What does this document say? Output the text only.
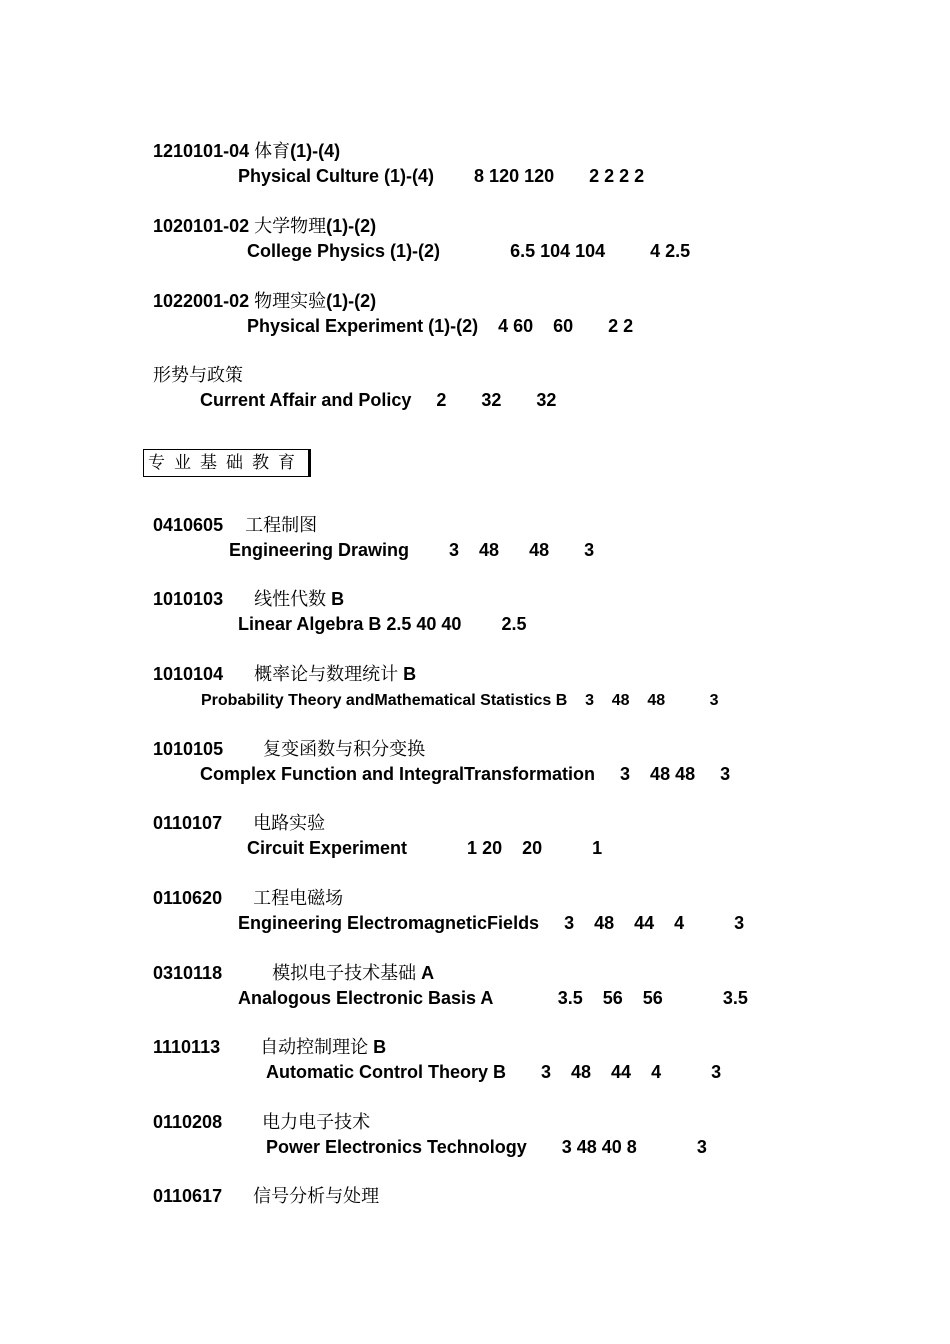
1210101-04 体育(1)-(4)
Physical Culture (1)-(4)        8 120 120       2 2 2 2
1020101-02 大学物理(1)-(2)
College Physics (1)-(2)              6.5 104 104         4 2.5
1022001-02 物理实验(1)-(2)
Physical Experiment (1)-(2)    4 60    60       2 2
形势与政策
Current Affair and Policy     2       32       32
专业基础教育
0410605 工程制图
Engineering Drawing        3    48      48       3
1010103 线性代数 B
Linear Algebra B 2.5 40 40        2.5
1010104 概率论与数理统计 B
Probability Theory andMathematical Statistics B    3    48    48          3
1010105 复变函数与积分变换
Complex Function and IntegralTransformation     3    48 48     3
0110107 电路实验
Circuit Experiment            1 20    20          1
0110620 工程电磁场
Engineering ElectromagneticFields     3    48    44    4          3
0310118	模拟电子技术基础 A
Analogous Electronic Basis A             3.5    56    56            3.5
1110113 自动控制理论 B
Automatic Control Theory B       3    48    44    4          3
0110208 电力电子技术
Power Electronics Technology       3 48 40 8            3
0110617 信号分析与处理
